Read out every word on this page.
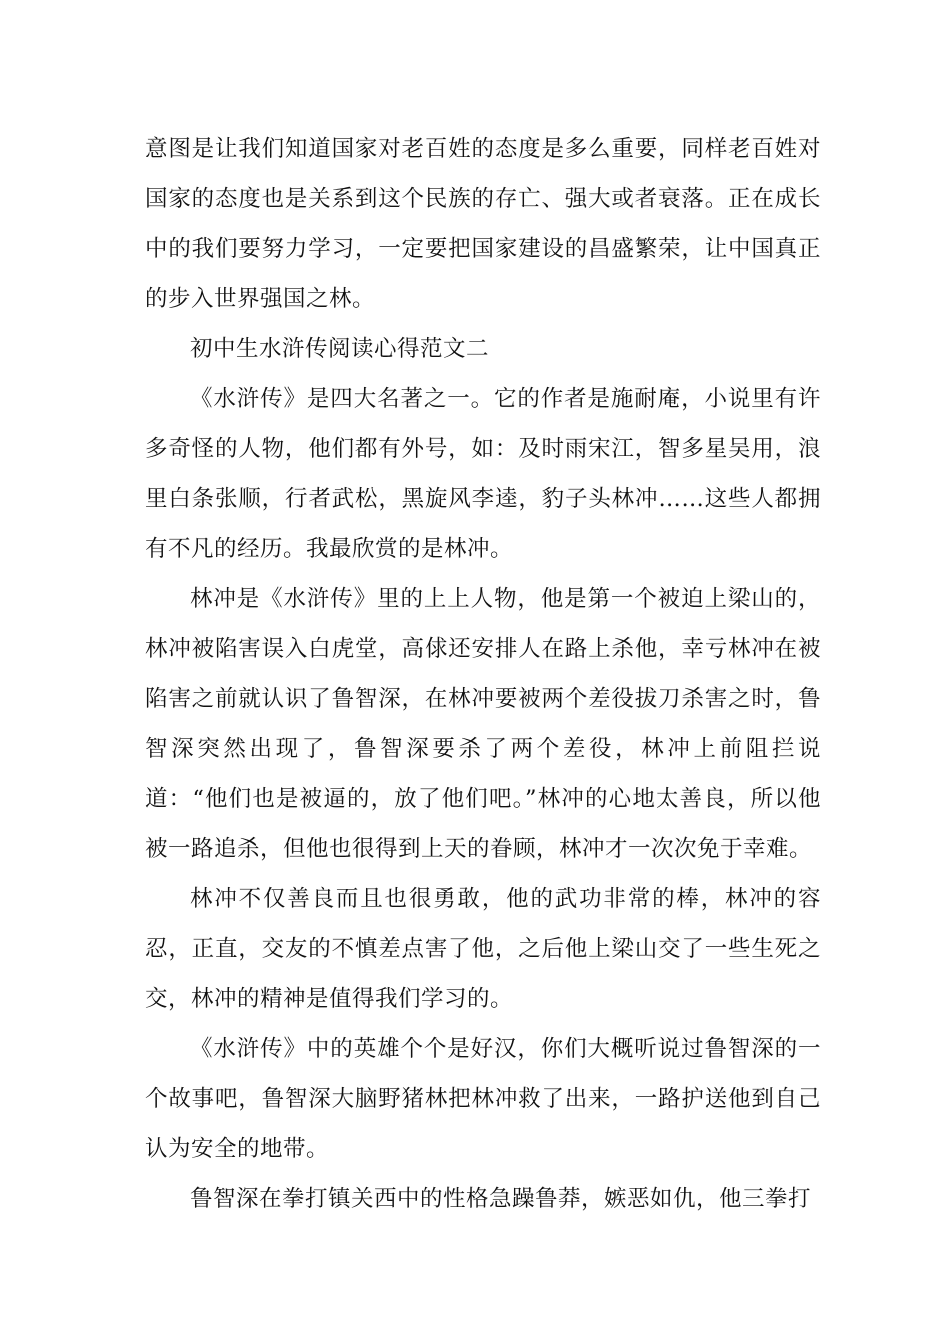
意图是让我们知道国家对老百姓的态度是多么重要，同样老百姓对国家的态度也是关系到这个民族的存亡、强大或者衰落。正在成长中的我们要努力学习，一定要把国家建设的昌盛繁荣，让中国真正的步入世界强国之林。

初中生水浒传阅读心得范文二

《水浒传》是四大名著之一。它的作者是施耐庵，小说里有许多奇怪的人物，他们都有外号，如：及时雨宋江，智多星吴用，浪里白条张顺，行者武松，黑旋风李逵，豹子头林冲……这些人都拥有不凡的经历。我最欣赏的是林冲。

林冲是《水浒传》里的上上人物，他是第一个被迫上梁山的，林冲被陷害误入白虎堂，高俅还安排人在路上杀他，幸亏林冲在被陷害之前就认识了鲁智深，在林冲要被两个差役拔刀杀害之时，鲁智深突然出现了，鲁智深要杀了两个差役，林冲上前阻拦说道：“他们也是被逼的，放了他们吧。”林冲的心地太善良，所以他被一路追杀，但他也很得到上天的眷顾，林冲才一次次免于幸难。

林冲不仅善良而且也很勇敢，他的武功非常的棒，林冲的容忍，正直，交友的不慎差点害了他，之后他上梁山交了一些生死之交，林冲的精神是值得我们学习的。

《水浒传》中的英雄个个是好汉，你们大概听说过鲁智深的一个故事吧，鲁智深大脑野猪林把林冲救了出来，一路护送他到自己认为安全的地带。

鲁智深在拳打镇关西中的性格急躁鲁莽，嫉恶如仇，他三拳打
